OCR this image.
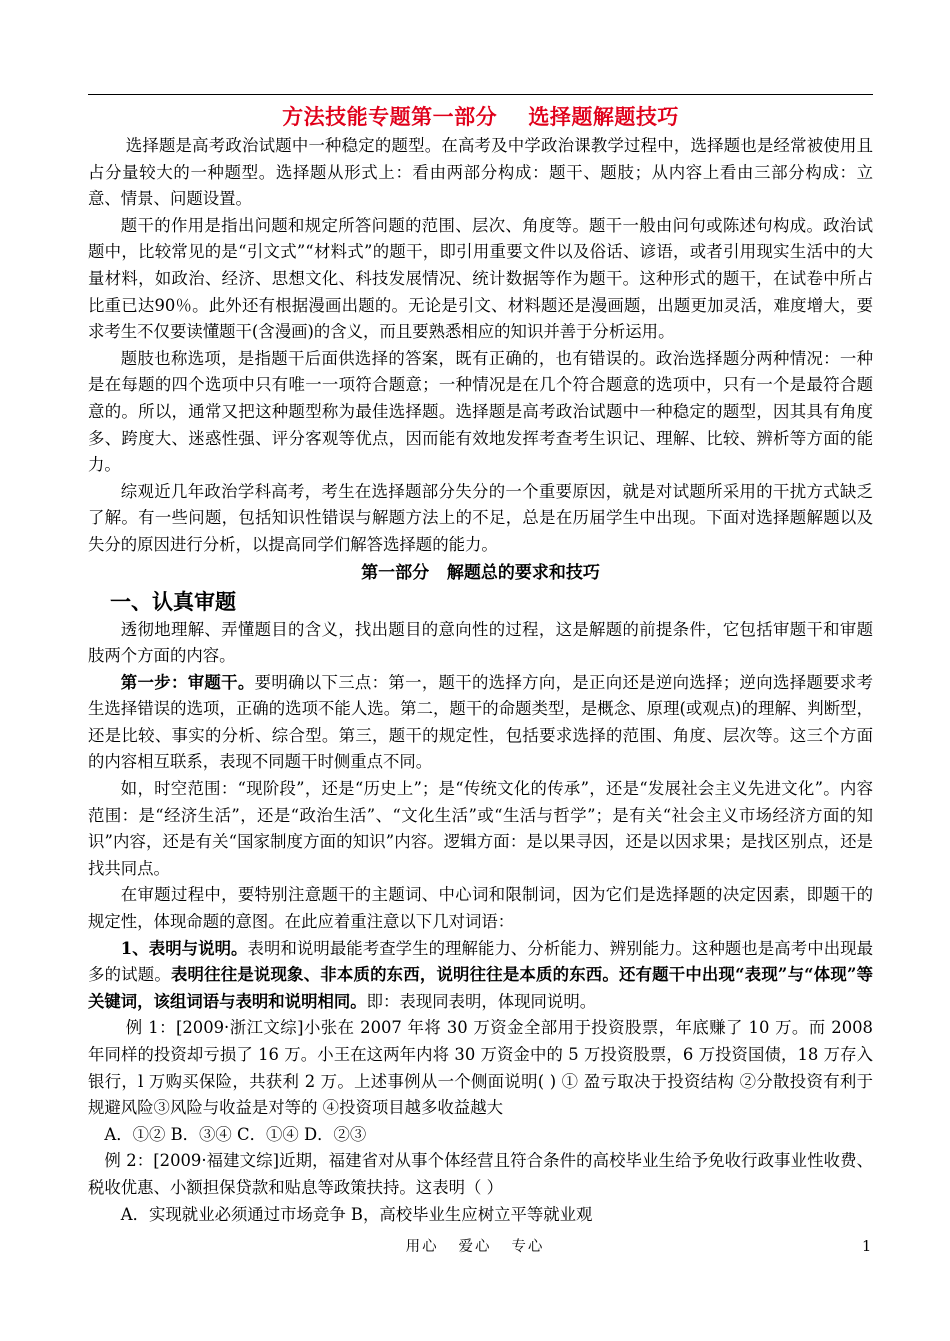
方法技能专题第一部分    选择题解题技巧

选择题是高考政治试题中一种稳定的题型。在高考及中学政治课教学过程中，选择题也是经常被使用且占分量较大的一种题型。选择题从形式上：看由两部分构成：题干、题肢；从内容上看由三部分构成：立意、情景、问题设置。

题干的作用是指出问题和规定所答问题的范围、层次、角度等。题干一般由问句或陈述句构成。政治试题中，比较常见的是“引文式”“材料式”的题干，即引用重要文件以及俗话、谚语，或者引用现实生活中的大量材料，如政治、经济、思想文化、科技发展情况、统计数据等作为题干。这种形式的题干，在试卷中所占比重已达90％。此外还有根据漫画出题的。无论是引文、材料题还是漫画题，出题更加灵活，难度增大，要求考生不仅要读懂题干(含漫画)的含义，而且要熟悉相应的知识并善于分析运用。

题肢也称选项，是指题干后面供选择的答案，既有正确的，也有错误的。政治选择题分两种情况：一种是在每题的四个选项中只有唯一一项符合题意；一种情况是在几个符合题意的选项中，只有一个是最符合题意的。所以，通常又把这种题型称为最佳选择题。选择题是高考政治试题中一种稳定的题型，因其具有角度多、跨度大、迷惑性强、评分客观等优点，因而能有效地发挥考查考生识记、理解、比较、辨析等方面的能力。

综观近几年政治学科高考，考生在选择题部分失分的一个重要原因，就是对试题所采用的干扰方式缺乏了解。有一些问题，包括知识性错误与解题方法上的不足，总是在历届学生中出现。下面对选择题解题以及失分的原因进行分析，以提高同学们解答选择题的能力。

第一部分   解题总的要求和技巧
一、认真审题

透彻地理解、弄懂题目的含义，找出题目的意向性的过程，这是解题的前提条件，它包括审题干和审题肢两个方面的内容。

第一步：审题干。要明确以下三点：第一，题干的选择方向，是正向还是逆向选择；逆向选择题要求考生选择错误的选项，正确的选项不能人选。第二，题干的命题类型，是概念、原理(或观点)的理解、判断型，还是比较、事实的分析、综合型。第三，题干的规定性，包括要求选择的范围、角度、层次等。这三个方面的内容相互联系，表现不同题干时侧重点不同。

如，时空范围：“现阶段”，还是“历史上”；是“传统文化的传承”，还是“发展社会主义先进文化”。内容范围：是“经济生活”，还是“政治生活”、“文化生活”或“生活与哲学”；是有关“社会主义市场经济方面的知识”内容，还是有关“国家制度方面的知识”内容。逻辑方面：是以果寻因，还是以因求果；是找区别点，还是找共同点。

在审题过程中，要特别注意题干的主题词、中心词和限制词，因为它们是选择题的决定因素，即题干的规定性，体现命题的意图。在此应着重注意以下几对词语：

1、表明与说明。表明和说明最能考查学生的理解能力、分析能力、辨别能力。这种题也是高考中出现最多的试题。表明往往是说现象、非本质的东西，说明往往是本质的东西。还有题干中出现“表现”与“体现”等关键词，该组词语与表明和说明相同。即：表现同表明，体现同说明。

例 1：[2009·浙江文综]小张在 2007 年将 30 万资金全部用于投资股票，年底赚了 10 万。而 2008 年同样的投资却亏损了 16 万。小王在这两年内将 30 万资金中的 5 万投资股票，6 万投资国债，18 万存入银行，l 万购买保险，共获利 2 万。上述事例从一个侧面说明( ) ① 盈亏取决于投资结构 ②分散投资有利于规避风险③风险与收益是对等的 ④投资项目越多收益越大

A．①② B．③④ C．①④ D．②③

例 2：[2009·福建文综]近期，福建省对从事个体经营且符合条件的高校毕业生给予免收行政事业性收费、税收优惠、小额担保贷款和贴息等政策扶持。这表明（ ）

A．实现就业必须通过市场竞争 B，高校毕业生应树立平等就业观

用心   爱心   专心	1
